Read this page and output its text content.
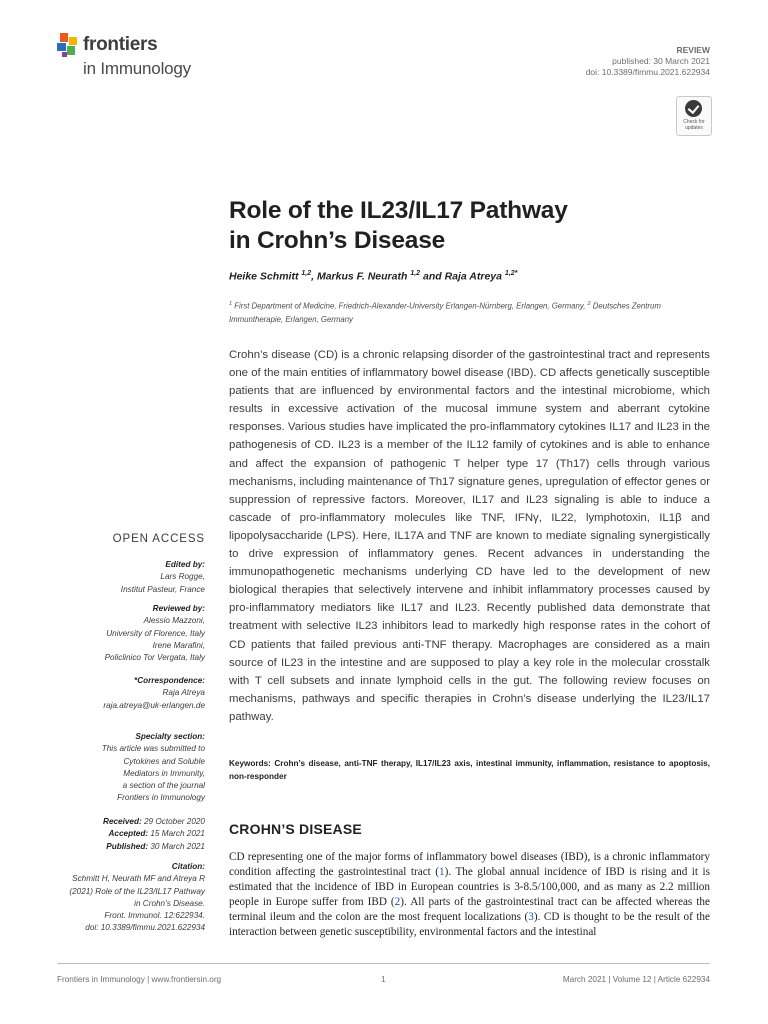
frontiers
in Immunology
REVIEW
published: 30 March 2021
doi: 10.3389/fimmu.2021.622934
Check for updates
Role of the IL23/IL17 Pathway
in Crohn’s Disease
Heike Schmitt $^{1,2}$, Markus F. Neurath $^{1,2}$ and Raja Atreya $^{1,2*}$
$^1$ First Department of Medicine, Friedrich-Alexander-University Erlangen-Nürnberg, Erlangen, Germany, $^2$ Deutsches Zentrum Immuntherapie, Erlangen, Germany
Crohn’s disease (CD) is a chronic relapsing disorder of the gastrointestinal tract and represents one of the main entities of inflammatory bowel disease (IBD). CD affects genetically susceptible patients that are influenced by environmental factors and the intestinal microbiome, which results in excessive activation of the mucosal immune system and aberrant cytokine responses. Various studies have implicated the pro-inflammatory cytokines IL17 and IL23 in the pathogenesis of CD. IL23 is a member of the IL12 family of cytokines and is able to enhance and affect the expansion of pathogenic T helper type 17 (Th17) cells through various mechanisms, including maintenance of Th17 signature genes, upregulation of effector genes or suppression of repressive factors. Moreover, IL17 and IL23 signaling is able to induce a cascade of pro-inflammatory molecules like TNF, IFNγ, IL22, lymphotoxin, IL1β and lipopolysaccharide (LPS). Here, IL17A and TNF are known to mediate signaling synergistically to drive expression of inflammatory genes. Recent advances in understanding the immunopathogenetic mechanisms underlying CD have led to the development of new biological therapies that selectively intervene and inhibit inflammatory processes caused by pro-inflammatory mediators like IL17 and IL23. Recently published data demonstrate that treatment with selective IL23 inhibitors lead to markedly high response rates in the cohort of CD patients that failed previous anti-TNF therapy. Macrophages are considered as a main source of IL23 in the intestine and are supposed to play a key role in the molecular crosstalk with T cell subsets and innate lymphoid cells in the gut. The following review focuses on mechanisms, pathways and specific therapies in Crohn’s disease underlying the IL23/IL17 pathway.
Keywords: Crohn’s disease, anti-TNF therapy, IL17/IL23 axis, intestinal immunity, inflammation, resistance to apoptosis, non-responder
CROHN’S DISEASE
CD representing one of the major forms of inflammatory bowel diseases (IBD), is a chronic inflammatory condition affecting the gastrointestinal tract (1). The global annual incidence of IBD is rising and it is estimated that the incidence of IBD in European countries is 3-8.5/100,000, and as many as 2.2 million people in Europe suffer from IBD (2). All parts of the gastrointestinal tract can be affected whereas the terminal ileum and the colon are the most frequent localizations (3). CD is thought to be the result of the interaction between genetic susceptibility, environmental factors and the intestinal
OPEN ACCESS
Edited by:
Lars Rogge,
Institut Pasteur, France
Reviewed by:
Alessio Mazzoni,
University of Florence, Italy
Irene Marafini,
Policlinico Tor Vergata, Italy
*Correspondence:
Raja Atreya
raja.atreya@uk-erlangen.de
Specialty section:
This article was submitted to
Cytokines and Soluble
Mediators in Immunity,
a section of the journal
Frontiers in Immunology
Received: 29 October 2020
Accepted: 15 March 2021
Published: 30 March 2021
Citation:
Schmitt H, Neurath MF and Atreya R
(2021) Role of the IL23/IL17 Pathway
in Crohn’s Disease.
Front. Immunol. 12:622934.
doi: 10.3389/fimmu.2021.622934
Frontiers in Immunology | www.frontiersin.org	1	March 2021 | Volume 12 | Article 622934
